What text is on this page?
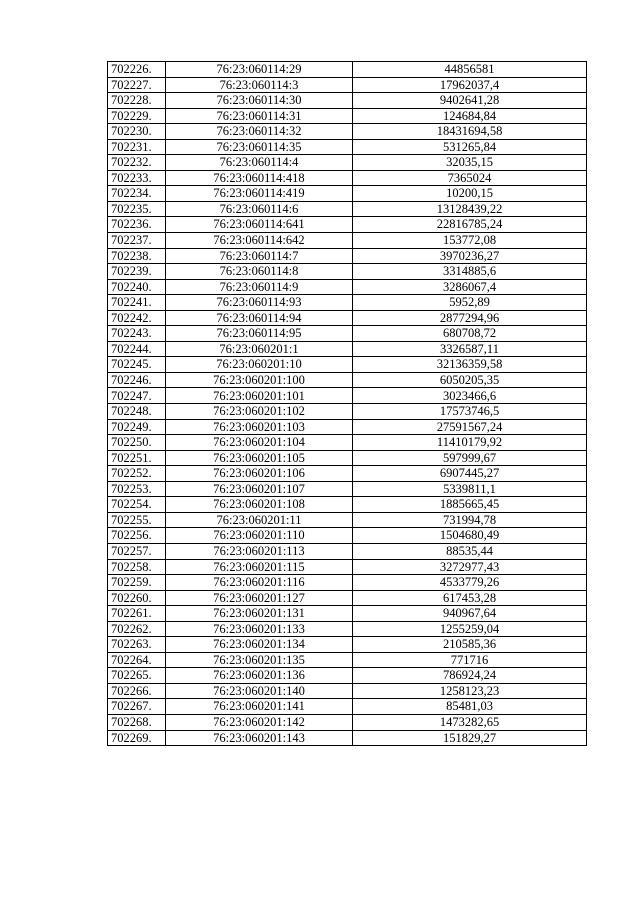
702226.	76:23:060114:29	44856581
702227.	76:23:060114:3	17962037,4
702228.	76:23:060114:30	9402641,28
702229.	76:23:060114:31	124684,84
702230.	76:23:060114:32	18431694,58
702231.	76:23:060114:35	531265,84
702232.	76:23:060114:4	32035,15
702233.	76:23:060114:418	7365024
702234.	76:23:060114:419	10200,15
702235.	76:23:060114:6	13128439,22
702236.	76:23:060114:641	22816785,24
702237.	76:23:060114:642	153772,08
702238.	76:23:060114:7	3970236,27
702239.	76:23:060114:8	3314885,6
702240.	76:23:060114:9	3286067,4
702241.	76:23:060114:93	5952,89
702242.	76:23:060114:94	2877294,96
702243.	76:23:060114:95	680708,72
702244.	76:23:060201:1	3326587,11
702245.	76:23:060201:10	32136359,58
702246.	76:23:060201:100	6050205,35
702247.	76:23:060201:101	3023466,6
702248.	76:23:060201:102	17573746,5
702249.	76:23:060201:103	27591567,24
702250.	76:23:060201:104	11410179,92
702251.	76:23:060201:105	597999,67
702252.	76:23:060201:106	6907445,27
702253.	76:23:060201:107	5339811,1
702254.	76:23:060201:108	1885665,45
702255.	76:23:060201:11	731994,78
702256.	76:23:060201:110	1504680,49
702257.	76:23:060201:113	88535,44
702258.	76:23:060201:115	3272977,43
702259.	76:23:060201:116	4533779,26
702260.	76:23:060201:127	617453,28
702261.	76:23:060201:131	940967,64
702262.	76:23:060201:133	1255259,04
702263.	76:23:060201:134	210585,36
702264.	76:23:060201:135	771716
702265.	76:23:060201:136	786924,24
702266.	76:23:060201:140	1258123,23
702267.	76:23:060201:141	85481,03
702268.	76:23:060201:142	1473282,65
702269.	76:23:060201:143	151829,27
